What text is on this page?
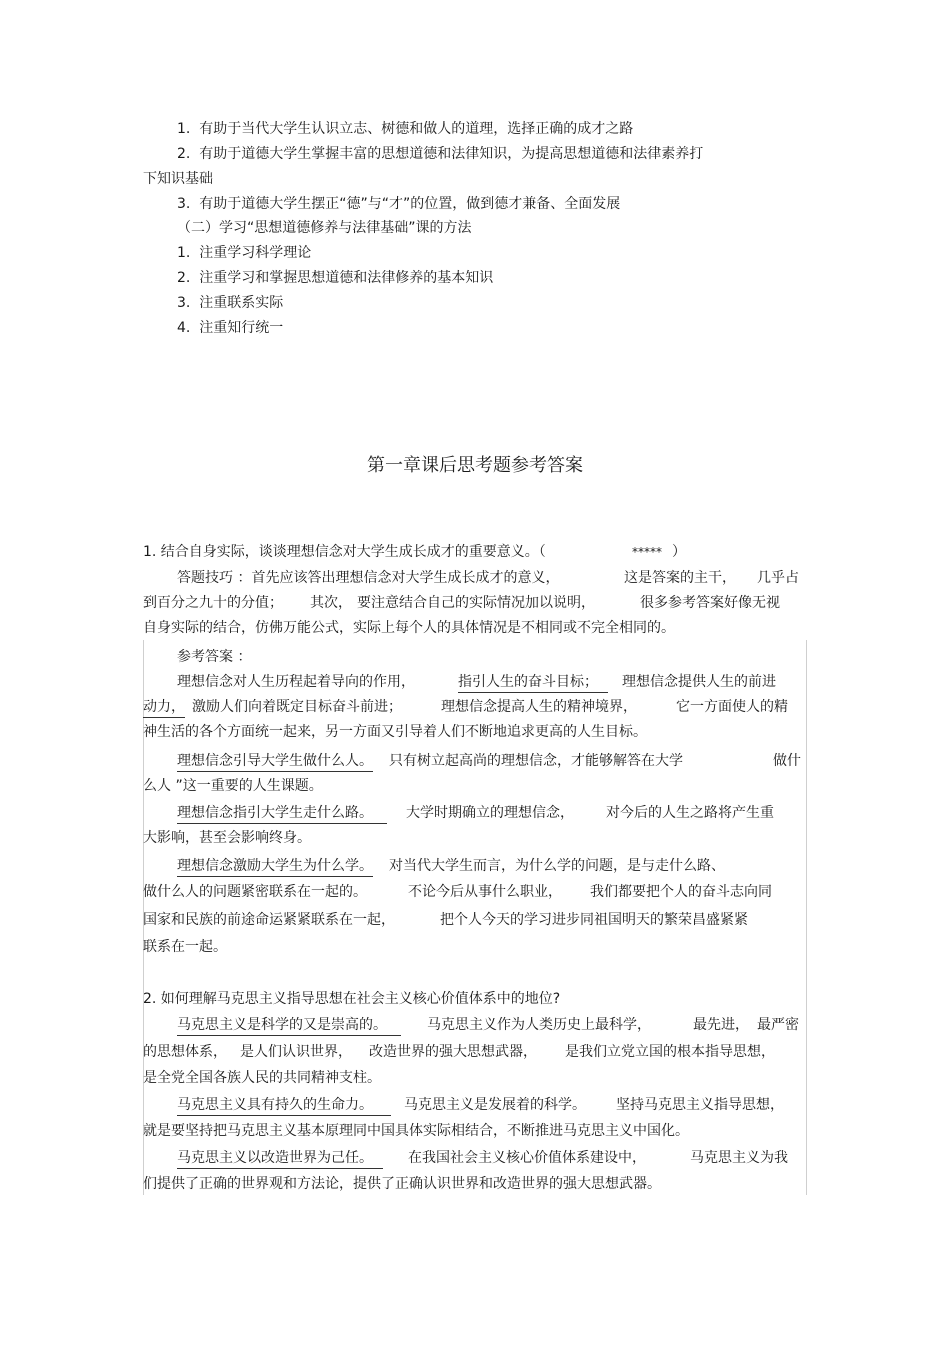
1.  有助于当代大学生认识立志、树德和做人的道理，选择正确的成才之路
2.  有助于道德大学生掌握丰富的思想道德和法律知识，为提高思想道德和法律素养打
下知识基础
3.  有助于道德大学生摆正“德”与“才”的位置，做到德才兼备、全面发展
（二）学习“思想道德修养与法律基础”课的方法
1.  注重学习科学理论
2.  注重学习和掌握思想道德和法律修养的基本知识
3.  注重联系实际
4.  注重知行统一
第一章课后思考题参考答案
1. 结合自身实际，谈谈理想信念对大学生成长成才的重要意义。（	***** ）
答题技巧 ：首先应该答出理想信念对大学生成长成才的意义，	这是答案的主干， 几乎占
到百分之九十的分值； 其次， 要注意结合自己的实际情况加以说明，	很多参考答案好像无视
自身实际的结合，仿佛万能公式，实际上每个人的具体情况是不相同或不完全相同的。
参考答案 ：
理想信念对人生历程起着导向的作用，	指引人生的奋斗目标；	理想信念提供人生的前进
动力， 激励人们向着既定目标奋斗前进；	理想信念提高人生的精神境界，	它一方面使人的精
神生活的各个方面统一起来，另一方面又引导着人们不断地追求更高的人生目标。
理想信念引导大学生做什么人。 只有树立起高尚的理想信念，才能够解答在大学	做什
么人 ”这一重要的人生课题。
理想信念指引大学生走什么路。	大学时期确立的理想信念， 对今后的人生之路将产生重
大影响，甚至会影响终身。
理想信念激励大学生为什么学。 对当代大学生而言，为什么学的问题，是与走什么路、
做什么人的问题紧密联系在一起的。	不论今后从事什么职业， 我们都要把个人的奋斗志向同
国家和民族的前途命运紧紧联系在一起，	把个人今天的学习进步同祖国明天的繁荣昌盛紧紧
联系在一起。
2. 如何理解马克思主义指导思想在社会主义核心价值体系中的地位?
马克思主义是科学的又是崇高的。	马克思主义作为人类历史上最科学，	最先进， 最严密
的思想体系， 是人们认识世界， 改造世界的强大思想武器， 是我们立党立国的根本指导思想，
是全党全国各族人民的共同精神支柱。
马克思主义具有持久的生命力。	马克思主义是发展着的科学。 坚持马克思主义指导思想，
就是要坚持把马克思主义基本原理同中国具体实际相结合，不断推进马克思主义中国化。
马克思主义以改造世界为己任。	在我国社会主义核心价值体系建设中，	马克思主义为我
们提供了正确的世界观和方法论，提供了正确认识世界和改造世界的强大思想武器。
